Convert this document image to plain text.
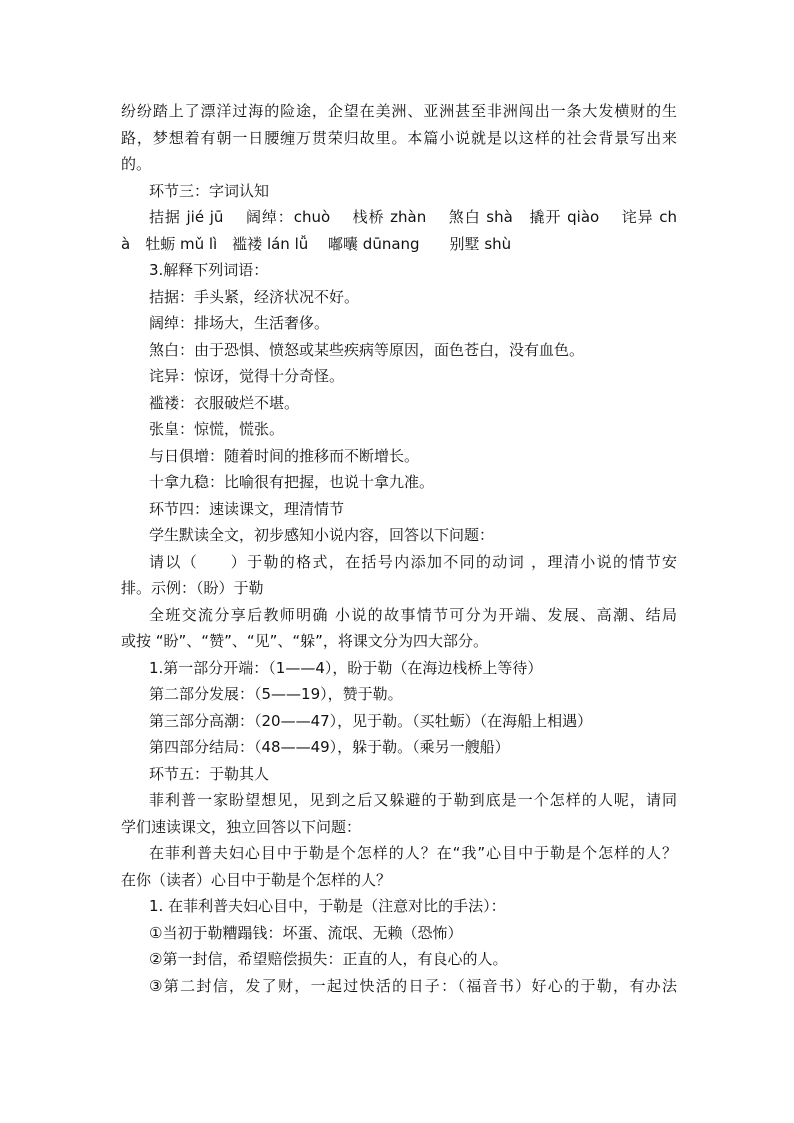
纷纷踏上了漂洋过海的险途，企望在美洲、亚洲甚至非洲闯出一条大发横财的生
路，梦想着有朝一日腰缠万贯荣归故里。本篇小说就是以这样的社会背景写出来
的。
环节三：字词认知
拮据 jié jū　 阔绰：chuò　 栈桥 zhàn　 煞白 shà　撬开 qiào　 诧异 ch
à　牡蛎 mǔ lì　褴褛 lán lǚ　 嘟囔 dūnang　　别墅 shù
3.解释下列词语：
拮据：手头紧，经济状况不好。
阔绰：排场大，生活奢侈。
煞白：由于恐惧、愤怒或某些疾病等原因，面色苍白，没有血色。
诧异：惊讶，觉得十分奇怪。
褴褛：衣服破烂不堪。
张皇：惊慌，慌张。
与日俱增：随着时间的推移而不断增长。
十拿九稳：比喻很有把握，也说十拿九准。
环节四：速读课文，理清情节
学生默读全文，初步感知小说内容，回答以下问题：
请以（　　）于勒的格式，在括号内添加不同的动词 ，理清小说的情节安
排。示例：（盼）于勒
全班交流分享后教师明确 小说的故事情节可分为开端、发展、高潮、结局
或按 “盼”、“赞”、“见”、“躲”，将课文分为四大部分。
1.第一部分开端：（1——4），盼于勒（在海边栈桥上等待）
第二部分发展：（5——19），赞于勒。
第三部分高潮：（20——47），见于勒。（买牡蛎）（在海船上相遇）
第四部分结局：（48——49），躲于勒。（乘另一艘船）
环节五：于勒其人
菲利普一家盼望想见，见到之后又躲避的于勒到底是一个怎样的人呢，请同
学们速读课文，独立回答以下问题：
在菲利普夫妇心目中于勒是个怎样的人？在“我”心目中于勒是个怎样的人？
在你（读者）心目中于勒是个怎样的人？
1. 在菲利普夫妇心目中，于勒是（注意对比的手法）：
①当初于勒糟蹋钱：坏蛋、流氓、无赖（恐怖）
②第一封信，希望赔偿损失：正直的人，有良心的人。
③第二封信，发了财，一起过快活的日子：（福音书）好心的于勒，有办法
